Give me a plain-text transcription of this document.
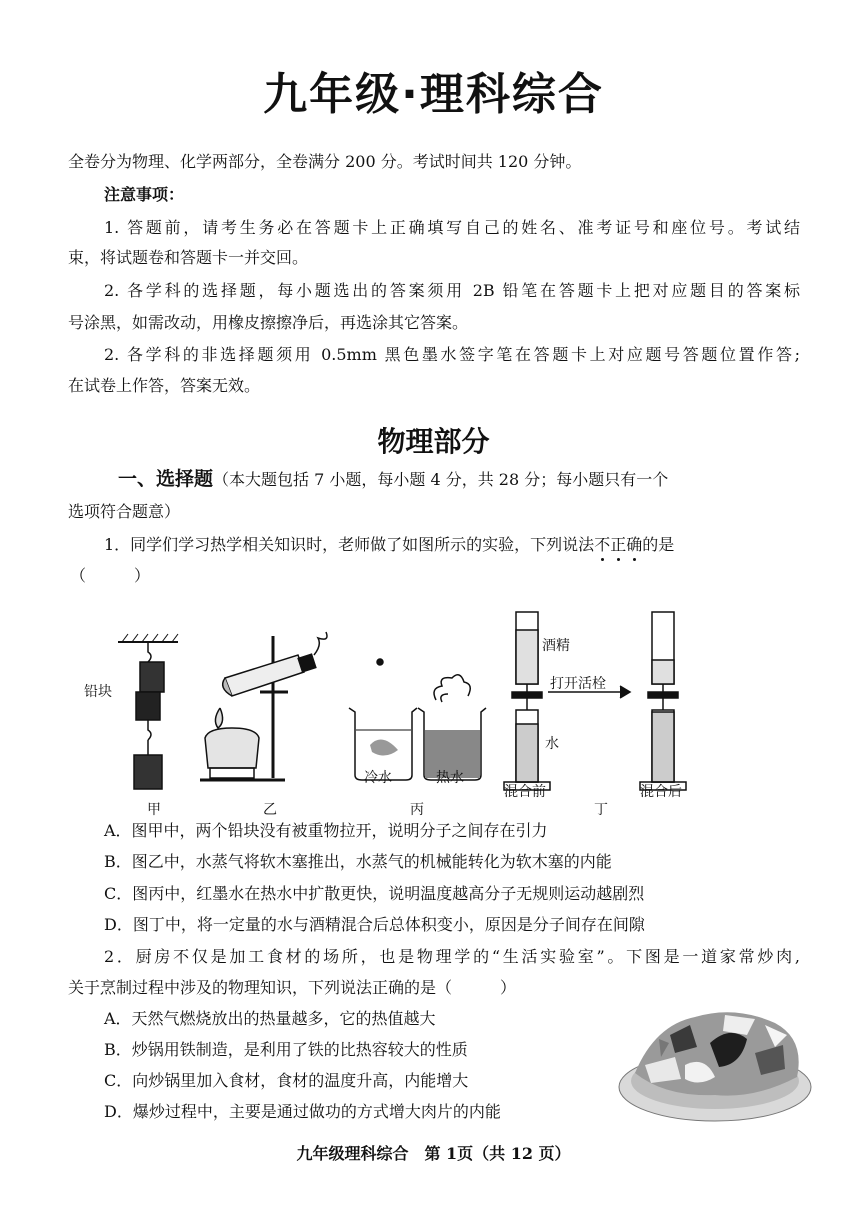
九年级·理科综合
全卷分为物理、化学两部分，全卷满分 200 分。考试时间共 120 分钟。
注意事项：
1. 答题前，请考生务必在答题卡上正确填写自己的姓名、准考证号和座位号。考试结
束，将试题卷和答题卡一并交回。
2. 各学科的选择题，每小题选出的答案须用 2B 铅笔在答题卡上把对应题目的答案标
号涂黑，如需改动，用橡皮擦擦净后，再选涂其它答案。
2. 各学科的非选择题须用 0.5mm 黑色墨水签字笔在答题卡上对应题号答题位置作答;
在试卷上作答，答案无效。
物理部分
一、选择题（本大题包括 7 小题，每小题 4 分，共 28 分；每小题只有一个
选项符合题意）
1．同学们学习热学相关知识时，老师做了如图所示的实验，下列说法不正确的是
（　　　）
铅块
酒精
打开活栓
水
冷水	热水
混合前	混合后
甲	乙	丙	丁
A．图甲中，两个铅块没有被重物拉开，说明分子之间存在引力
B．图乙中，水蒸气将软木塞推出，水蒸气的机械能转化为软木塞的内能
C．图丙中，红墨水在热水中扩散更快，说明温度越高分子无规则运动越剧烈
D．图丁中，将一定量的水与酒精混合后总体积变小，原因是分子间存在间隙
2．厨房不仅是加工食材的场所，也是物理学的“生活实验室”。下图是一道家常炒肉,
关于烹制过程中涉及的物理知识，下列说法正确的是（　　　）
A．天然气燃烧放出的热量越多，它的热值越大
B．炒锅用铁制造，是利用了铁的比热容较大的性质
C．向炒锅里加入食材，食材的温度升高，内能增大
D．爆炒过程中，主要是通过做功的方式增大肉片的内能
九年级理科综合　第 1页（共 12 页）
